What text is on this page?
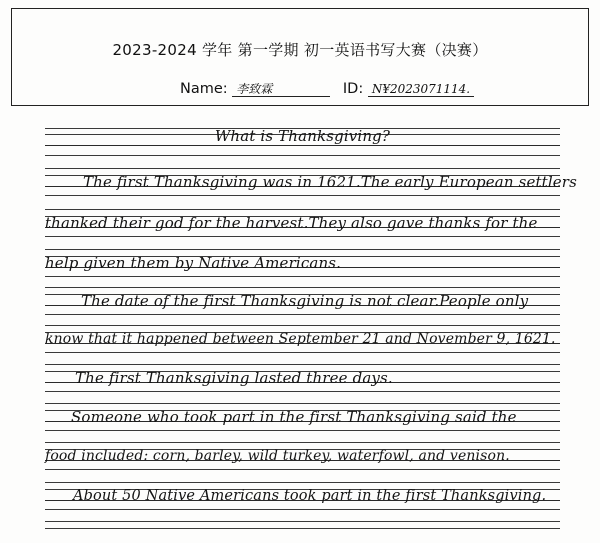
2023-2024 学年 第一学期 初一英语书写大赛（决赛）
Name: 李致霖	ID: N¥2023071114.
What is Thanksgiving?
The first Thanksgiving was in 1621.The early European settlers
thanked their god for the harvest.They also gave thanks for the
help given them by Native Americans.
The date of the first Thanksgiving is not clear.People only
know that it happened between September 21 and November 9, 1621.
The first Thanksgiving lasted three days.
Someone who took part in the first Thanksgiving said the
food included: corn, barley, wild turkey, waterfowl, and venison.
About 50 Native Americans took part in the first Thanksgiving.
